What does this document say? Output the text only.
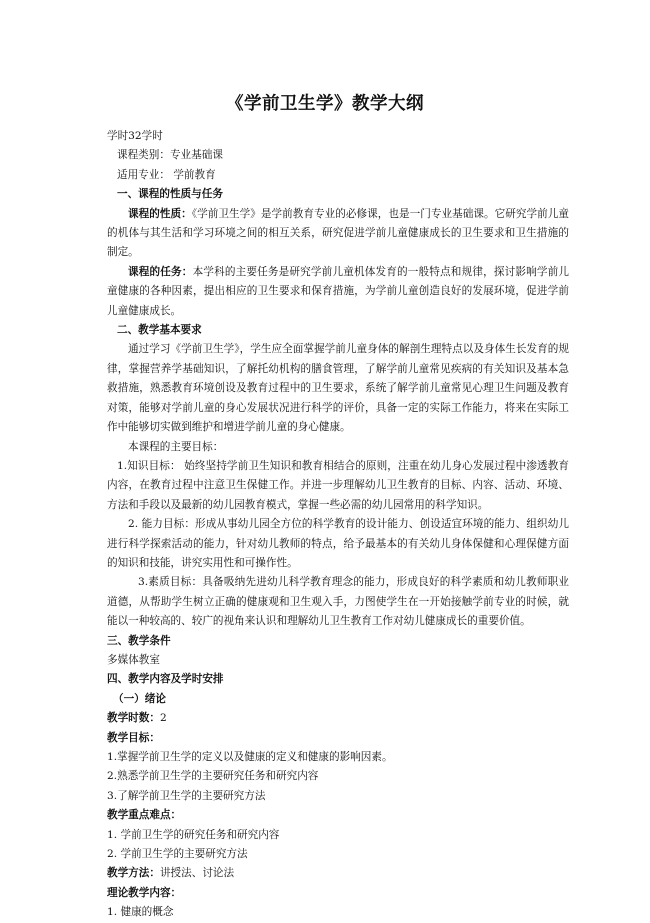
《学前卫生学》教学大纲

学时32学时

课程类别：专业基础课

适用专业： 学前教育

一、课程的性质与任务

课程的性质：《学前卫生学》是学前教育专业的必修课，也是一门专业基础课。它研究学前儿童的机体与其生活和学习环境之间的相互关系，研究促进学前儿童健康成长的卫生要求和卫生措施的制定。

课程的任务：本学科的主要任务是研究学前儿童机体发育的一般特点和规律，探讨影响学前儿童健康的各种因素，提出相应的卫生要求和保育措施，为学前儿童创造良好的发展环境，促进学前儿童健康成长。

二、教学基本要求

通过学习《学前卫生学》，学生应全面掌握学前儿童身体的解剖生理特点以及身体生长发育的规律，掌握营养学基础知识，了解托幼机构的膳食管理，了解学前儿童常见疾病的有关知识及基本急救措施，熟悉教育环境创设及教育过程中的卫生要求，系统了解学前儿童常见心理卫生问题及教育对策，能够对学前儿童的身心发展状况进行科学的评价，具备一定的实际工作能力，将来在实际工作中能够切实做到维护和增进学前儿童的身心健康。

本课程的主要目标：

1.知识目标： 始终坚持学前卫生知识和教育相结合的原则，注重在幼儿身心发展过程中渗透教育内容，在教育过程中注意卫生保健工作。并进一步理解幼儿卫生教育的目标、内容、活动、环境、方法和手段以及最新的幼儿园教育模式，掌握一些必需的幼儿园常用的科学知识。

2. 能力目标：形成从事幼儿园全方位的科学教育的设计能力、创设适宜环境的能力、组织幼儿进行科学探索活动的能力，针对幼儿教师的特点，给予最基本的有关幼儿身体保健和心理保健方面的知识和技能，讲究实用性和可操作性。

3.素质目标：具备吸纳先进幼儿科学教育理念的能力，形成良好的科学素质和幼儿教师职业道德，从帮助学生树立正确的健康观和卫生观入手，力图使学生在一开始接触学前专业的时候，就能以一种较高的、较广的视角来认识和理解幼儿卫生教育工作对幼儿健康成长的重要价值。

三、教学条件

多媒体教室

四、教学内容及学时安排

（一）绪论

教学时数：2

教学目标：

1.掌握学前卫生学的定义以及健康的定义和健康的影响因素。

2.熟悉学前卫生学的主要研究任务和研究内容

3.了解学前卫生学的主要研究方法

教学重点难点：

1. 学前卫生学的研究任务和研究内容

2. 学前卫生学的主要研究方法

教学方法：讲授法、讨论法

理论教学内容：

1. 健康的概念
